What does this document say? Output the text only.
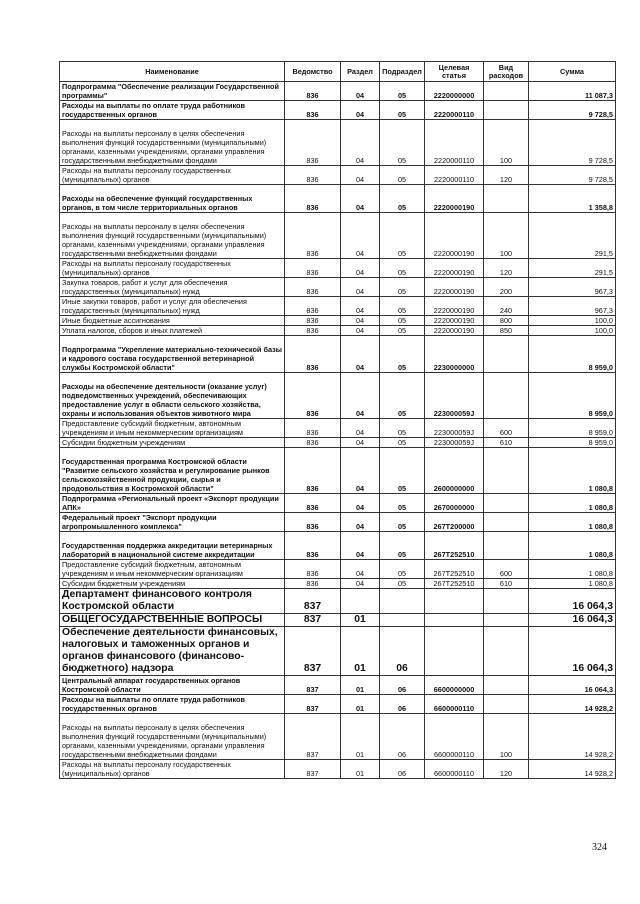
Наименование	Ведомство	Раздел	Подраздел	Целевая статья	Вид расходов	Сумма
Подпрограмма "Обеспечение реализации Государственной программы"	836	04	05	2220000000		11 087,3
Расходы на выплаты по оплате труда работников государственных органов	836	04	05	2220000110		9 728,5
Расходы на выплаты персоналу в целях обеспечения выполнения функций государственными (муниципальными) органами, казенными учреждениями, органами управления государственными внебюджетными фондами	836	04	05	2220000110	100	9 728,5
Расходы на выплаты персоналу государственных (муниципальных) органов	836	04	05	2220000110	120	9 728,5
Расходы на обеспечение функций государственных органов, в том числе территориальных органов	836	04	05	2220000190		1 358,8
Расходы на выплаты персоналу в целях обеспечения выполнения функций государственными (муниципальными) органами, казенными учреждениями, органами управления государственными внебюджетными фондами	836	04	05	2220000190	100	291,5
Расходы на выплаты персоналу государственных (муниципальных) органов	836	04	05	2220000190	120	291,5
Закупка товаров, работ и услуг для обеспечения государственных (муниципальных) нужд	836	04	05	2220000190	200	967,3
Иные закупки товаров, работ и услуг для обеспечения государственных (муниципальных) нужд	836	04	05	2220000190	240	967,3
Иные бюджетные ассигнования	836	04	05	2220000190	800	100,0
Уплата налогов, сборов и иных платежей	836	04	05	2220000190	850	100,0
Подпрограмма "Укрепление материально-технической базы и кадрового состава государственной ветеринарной службы Костромской области"	836	04	05	2230000000		8 959,0
Расходы на обеспечение деятельности (оказание услуг) подведомственных учреждений, обеспечивающих предоставление услуг в области сельского хозяйства, охраны и использования объектов животного мира	836	04	05	223000059J		8 959,0
Предоставление субсидий бюджетным, автономным учреждениям и иным некоммерческим организациям	836	04	05	223000059J	600	8 959,0
Субсидии бюджетным учреждениям	836	04	05	223000059J	610	8 959,0
Государственная программа Костромской области "Развитие сельского хозяйства и регулирование рынков сельскохозяйственной продукции, сырья и продовольствия в Костромской области"	836	04	05	2600000000		1 080,8
Подпрограмма «Региональный проект «Экспорт продукции АПК»	836	04	05	2670000000		1 080,8
Федеральный проект "Экспорт продукции агропромышленного комплекса"	836	04	05	267T200000		1 080,8
Государственная поддержка аккредитации ветеринарных лабораторий в национальной системе аккредитации	836	04	05	267T252510		1 080,8
Предоставление субсидий бюджетным, автономным учреждениям и иным некоммерческим организациям	836	04	05	267T252510	600	1 080,8
Субсидии бюджетным учреждениям	836	04	05	267T252510	610	1 080,8
Департамент финансового контроля Костромской области	837					16 064,3
ОБЩЕГОСУДАРСТВЕННЫЕ ВОПРОСЫ	837	01				16 064,3
Обеспечение деятельности финансовых, налоговых и таможенных органов и органов финансового (финансово-бюджетного) надзора	837	01	06			16 064,3
Центральный аппарат государственных органов Костромской области	837	01	06	6600000000		16 064,3
Расходы на выплаты по оплате труда работников государственных органов	837	01	06	6600000110		14 928,2
Расходы на выплаты персоналу в целях обеспечения выполнения функций государственными (муниципальными) органами, казенными учреждениями, органами управления государственными внебюджетными фондами	837	01	06	6600000110	100	14 928,2
Расходы на выплаты персоналу государственных (муниципальных) органов	837	01	06	6600000110	120	14 928,2
324
